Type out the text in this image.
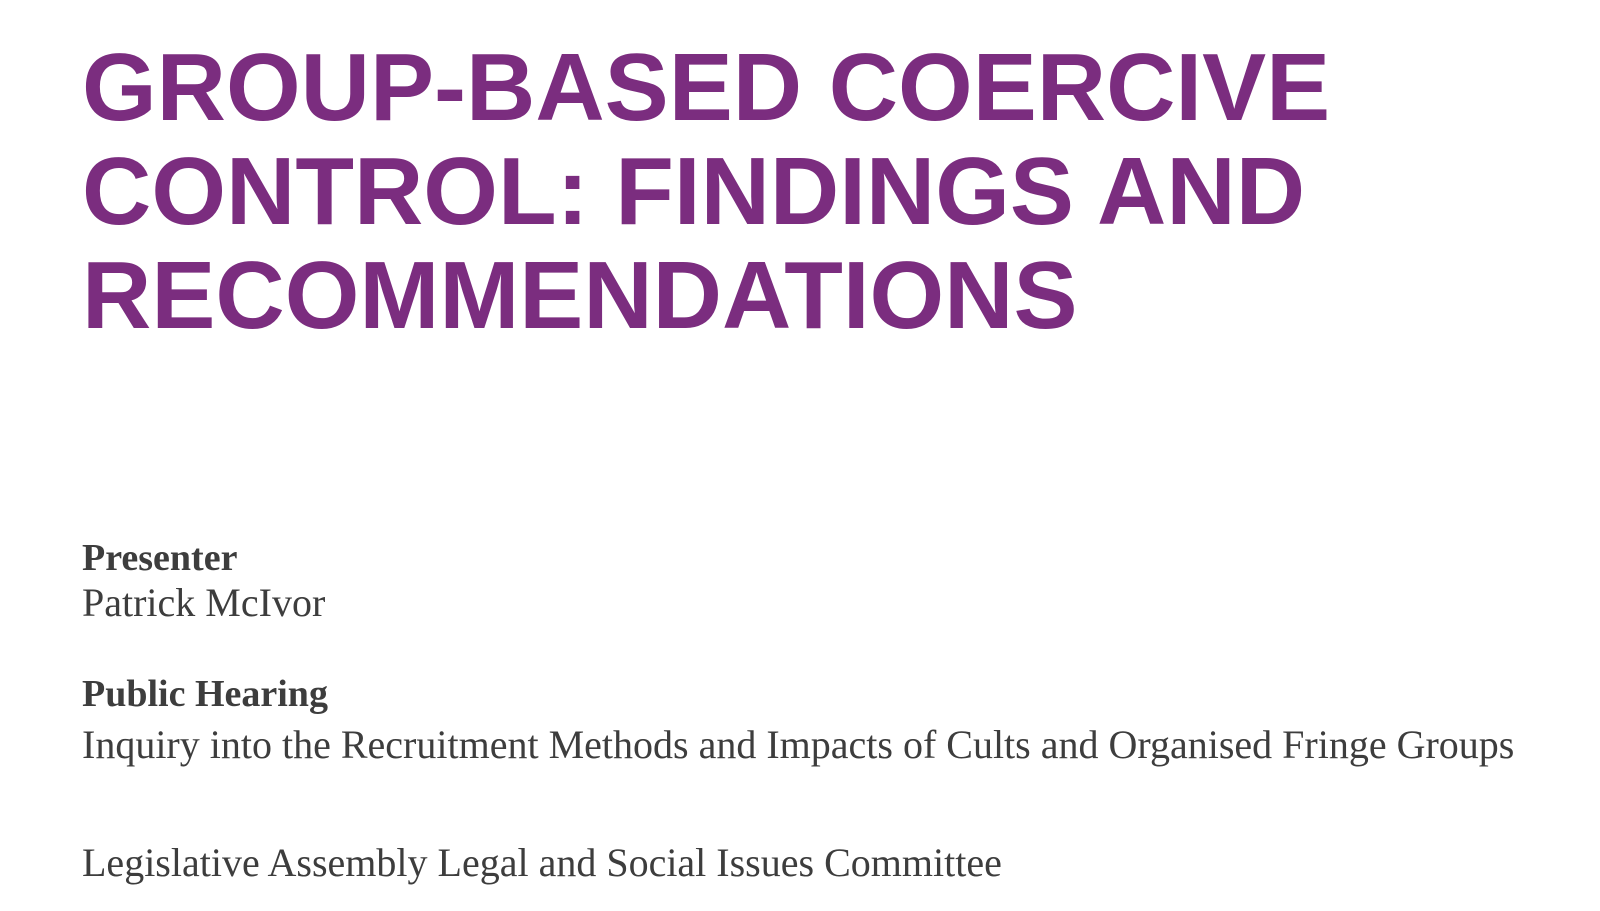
GROUP-BASED COERCIVE
CONTROL: FINDINGS AND
RECOMMENDATIONS
Presenter
Patrick McIvor
Public Hearing
Inquiry into the Recruitment Methods and Impacts of Cults and Organised Fringe Groups
Legislative Assembly Legal and Social Issues Committee
